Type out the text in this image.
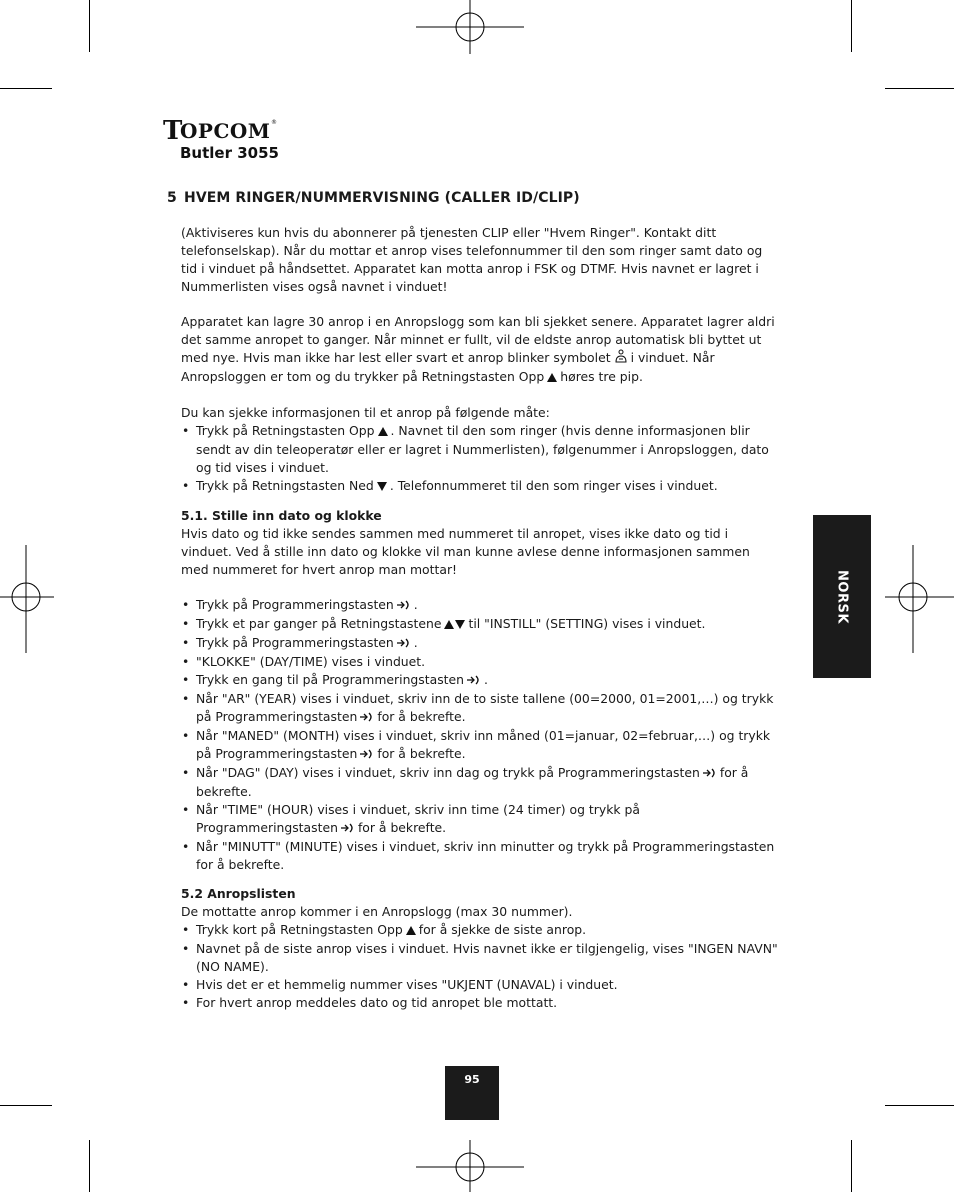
T
OPCOM ®
Butler 3055
5 HVEM RINGER/NUMMERVISNING (CALLER ID/CLIP)

(Aktiviseres kun hvis du abonnerer på tjenesten CLIP eller "Hvem Ringer". Kontakt ditt telefonselskap). Når du mottar et anrop vises telefonnummer til den som ringer samt dato og tid i vinduet på håndsettet. Apparatet kan motta anrop i FSK og DTMF. Hvis navnet er lagret i Nummerlisten vises også navnet i vinduet!

Apparatet kan lagre 30 anrop i en Anropslogg som kan bli sjekket senere. Apparatet lagrer aldri det samme anropet to ganger. Når minnet er fullt, vil de eldste anrop automatisk bli byttet ut med nye. Hvis man ikke har lest eller svart et anrop blinker symbolet i vinduet. Når Anropsloggen er tom og du trykker på Retningstasten Opp høres tre pip.

Du kan sjekke informasjonen til et anrop på følgende måte:

• Trykk på Retningstasten Opp . Navnet til den som ringer (hvis denne informasjonen blir sendt av din teleoperatør eller er lagret i Nummerlisten), følgenummer i Anropsloggen, dato og tid vises i vinduet.
• Trykk på Retningstasten Ned . Telefonnummeret til den som ringer vises i vinduet.

5.1. Stille inn dato og klokke

Hvis dato og tid ikke sendes sammen med nummeret til anropet, vises ikke dato og tid i vinduet. Ved å stille inn dato og klokke vil man kunne avlese denne informasjonen sammen med nummeret for hvert anrop man mottar!

• Trykk på Programmeringstasten .
• Trykk et par ganger på Retningstastene til "INSTILL" (SETTING) vises i vinduet.
• Trykk på Programmeringstasten .
• "KLOKKE" (DAY/TIME) vises i vinduet.
• Trykk en gang til på Programmeringstasten .
• Når "AR" (YEAR) vises i vinduet, skriv inn de to siste tallene (00=2000, 01=2001,…) og trykk på Programmeringstasten for å bekrefte.
• Når "MANED" (MONTH) vises i vinduet, skriv inn måned (01=januar, 02=februar,…) og trykk på Programmeringstasten for å bekrefte.
• Når "DAG" (DAY) vises i vinduet, skriv inn dag og trykk på Programmeringstasten for å bekrefte.
• Når "TIME" (HOUR) vises i vinduet, skriv inn time (24 timer) og trykk på Programmeringstasten for å bekrefte.
• Når "MINUTT" (MINUTE) vises i vinduet, skriv inn minutter og trykk på Programmeringstasten for å bekrefte.

5.2 Anropslisten

De mottatte anrop kommer i en Anropslogg (max 30 nummer).

• Trykk kort på Retningstasten Opp for å sjekke de siste anrop.
• Navnet på de siste anrop vises i vinduet. Hvis navnet ikke er tilgjengelig, vises "INGEN NAVN" (NO NAME).
• Hvis det er et hemmelig nummer vises "UKJENT (UNAVAL) i vinduet.
• For hvert anrop meddeles dato og tid anropet ble mottatt.
NORSK
95
